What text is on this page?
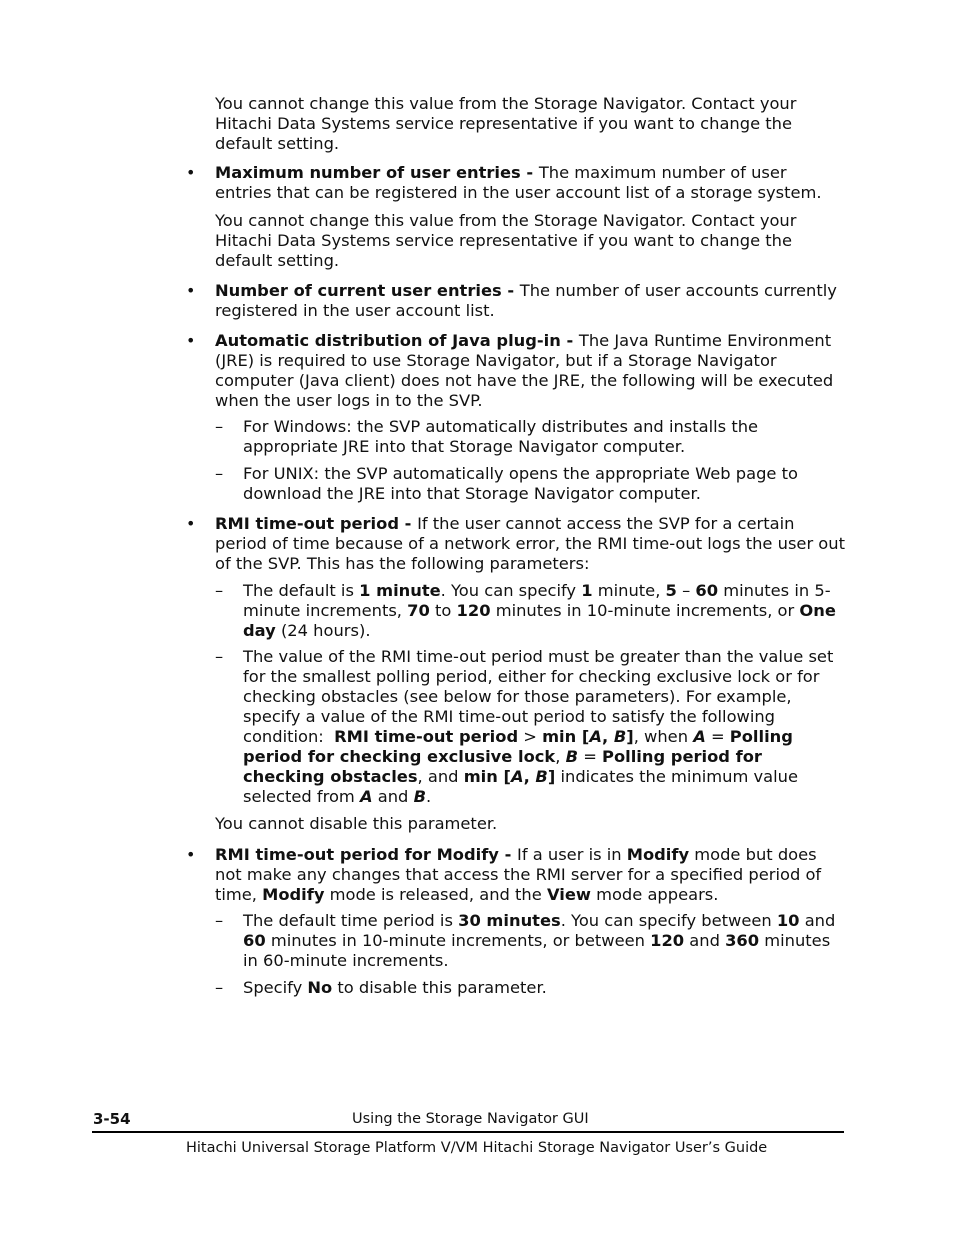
You cannot change this value from the Storage Navigator. Contact your Hitachi Data Systems service representative if you want to change the default setting.

• Maximum number of user entries - The maximum number of user entries that can be registered in the user account list of a storage system.

You cannot change this value from the Storage Navigator. Contact your Hitachi Data Systems service representative if you want to change the default setting.

• Number of current user entries - The number of user accounts currently registered in the user account list.

• Automatic distribution of Java plug-in - The Java Runtime Environment (JRE) is required to use Storage Navigator, but if a Storage Navigator computer (Java client) does not have the JRE, the following will be executed when the user logs in to the SVP.

– For Windows: the SVP automatically distributes and installs the appropriate JRE into that Storage Navigator computer.

– For UNIX: the SVP automatically opens the appropriate Web page to download the JRE into that Storage Navigator computer.

• RMI time-out period - If the user cannot access the SVP for a certain period of time because of a network error, the RMI time-out logs the user out of the SVP. This has the following parameters:

– The default is 1 minute. You can specify 1 minute, 5 – 60 minutes in 5-minute increments, 70 to 120 minutes in 10-minute increments, or One day (24 hours).

– The value of the RMI time-out period must be greater than the value set for the smallest polling period, either for checking exclusive lock or for checking obstacles (see below for those parameters). For example, specify a value of the RMI time-out period to satisfy the following condition:  RMI time-out period > min [A, B], when A = Polling period for checking exclusive lock, B = Polling period for checking obstacles, and min [A, B] indicates the minimum value selected from A and B.

You cannot disable this parameter.

• RMI time-out period for Modify - If a user is in Modify mode but does not make any changes that access the RMI server for a specified period of time, Modify mode is released, and the View mode appears.

– The default time period is 30 minutes. You can specify between 10 and 60 minutes in 10-minute increments, or between 120 and 360 minutes in 60-minute increments.

– Specify No to disable this parameter.

3-54	Using the Storage Navigator GUI
Hitachi Universal Storage Platform V/VM Hitachi Storage Navigator User’s Guide
